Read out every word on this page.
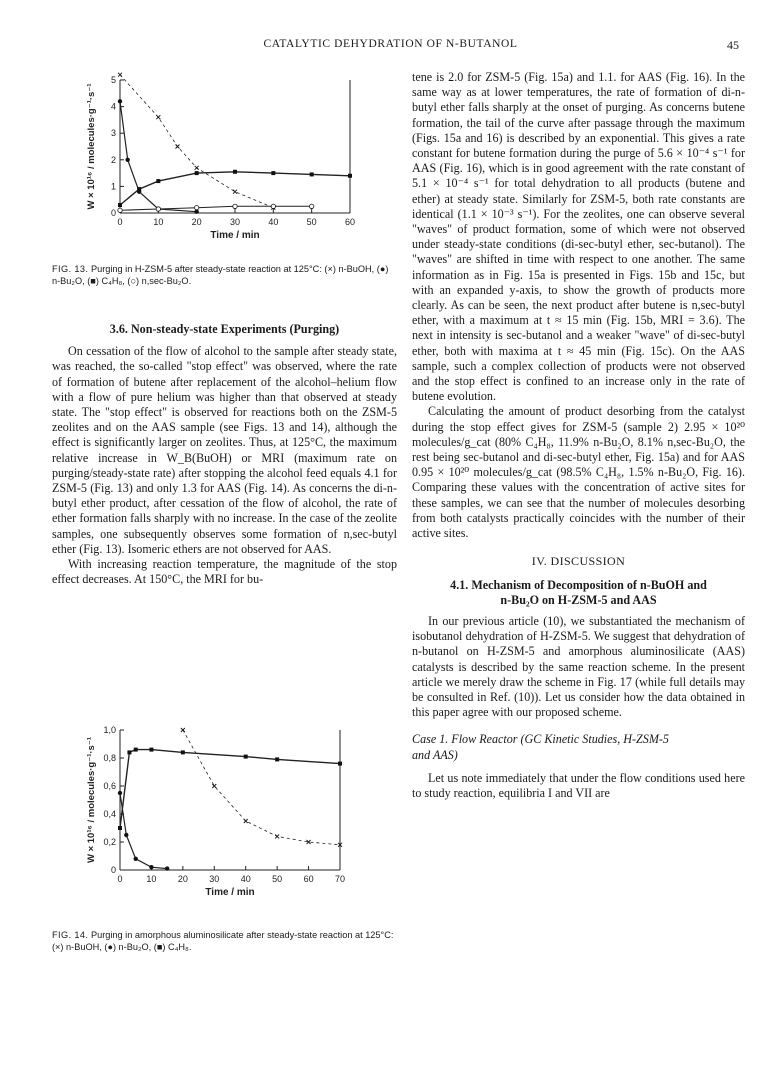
CATALYTIC DEHYDRATION OF N-BUTANOL	45
0	10	20	30	40	50	60
0
1
2
3
4
5
Time / min
W × 10¹⁶ / molecules·g⁻¹·s⁻¹
FIG. 13. Purging in H-ZSM-5 after steady-state reaction at 125°C: (×) n-BuOH, (●) n-Bu₂O, (■) C₄H₈, (○) n,sec-Bu₂O.
0	10 20 30 40 50 60 70
0
0,2
0,4
0,6
0,8
1,0
Time / min
W × 10¹⁶ / molecules·g⁻¹·s⁻¹
FIG. 14. Purging in amorphous aluminosilicate after steady-state reaction at 125°C: (×) n-BuOH, (●) n-Bu₂O, (■) C₄H₈.

3.6. Non-steady-state Experiments (Purging)

On cessation of the flow of alcohol to the sample after steady state, was reached, the so-called "stop effect" was observed, where the rate of formation of butene after replacement of the alcohol–helium flow with a flow of pure helium was higher than that observed at steady state. The "stop effect" is observed for reactions both on the ZSM-5 zeolites and on the AAS sample (see Figs. 13 and 14), although the effect is significantly larger on zeolites. Thus, at 125°C, the maximum relative increase in W_B(BuOH) or MRI (maximum rate on purging/steady-state rate) after stopping the alcohol feed equals 4.1 for ZSM-5 (Fig. 13) and only 1.3 for AAS (Fig. 14). As concerns the di-n-butyl ether product, after cessation of the flow of alcohol, the rate of ether formation falls sharply with no increase. In the case of the zeolite samples, one subsequently observes some formation of n,sec-butyl ether (Fig. 13). Isomeric ethers are not observed for AAS.

With increasing reaction temperature, the magnitude of the stop effect decreases. At 150°C, the MRI for bu-

tene is 2.0 for ZSM-5 (Fig. 15a) and 1.1. for AAS (Fig. 16). In the same way as at lower temperatures, the rate of formation of di-n-butyl ether falls sharply at the onset of purging. As concerns butene formation, the tail of the curve after passage through the maximum (Figs. 15a and 16) is described by an exponential. This gives a rate constant for butene formation during the purge of 5.6 × 10⁻⁴ s⁻¹ for AAS (Fig. 16), which is in good agreement with the rate constant of 5.1 × 10⁻⁴ s⁻¹ for total dehydration to all products (butene and ether) at steady state. Similarly for ZSM-5, both rate constants are identical (1.1 × 10⁻³ s⁻¹). For the zeolites, one can observe several "waves" of product formation, some of which were not observed under steady-state conditions (di-sec-butyl ether, sec-butanol). The "waves" are shifted in time with respect to one another. The same information as in Fig. 15a is presented in Figs. 15b and 15c, but with an expanded y-axis, to show the growth of products more clearly. As can be seen, the next product after butene is n,sec-butyl ether, with a maximum at t ≈ 15 min (Fig. 15b, MRI = 3.6). The next in intensity is sec-butanol and a weaker "wave" of di-sec-butyl ether, both with maxima at t ≈ 45 min (Fig. 15c). On the AAS sample, such a complex collection of products were not observed and the stop effect is confined to an increase only in the rate of butene evolution.

Calculating the amount of product desorbing from the catalyst during the stop effect gives for ZSM-5 (sample 2) 2.95 × 10²⁰ molecules/g_cat (80% C₄H₈, 11.9% n-Bu₂O, 8.1% n,sec-Bu₂O, the rest being sec-butanol and di-sec-butyl ether, Fig. 15a) and for AAS 0.95 × 10²⁰ molecules/g_cat (98.5% C₄H₈, 1.5% n-Bu₂O, Fig. 16). Comparing these values with the concentration of active sites for these samples, we can see that the number of molecules desorbing from both catalysts practically coincides with the number of their active sites.

IV. DISCUSSION

4.1. Mechanism of Decomposition of n-BuOH and

n-Bu₂O on H-ZSM-5 and AAS

In our previous article (10), we substantiated the mechanism of isobutanol dehydration of H-ZSM-5. We suggest that dehydration of n-butanol on H-ZSM-5 and amorphous aluminosilicate (AAS) catalysts is described by the same reaction scheme. In the present article we merely draw the scheme in Fig. 17 (while full details may be consulted in Ref. (10)). Let us consider how the data obtained in this paper agree with our proposed scheme.

Case 1. Flow Reactor (GC Kinetic Studies, H-ZSM-5

and AAS)

Let us note immediately that under the flow conditions used here to study reaction, equilibria I and VII are
